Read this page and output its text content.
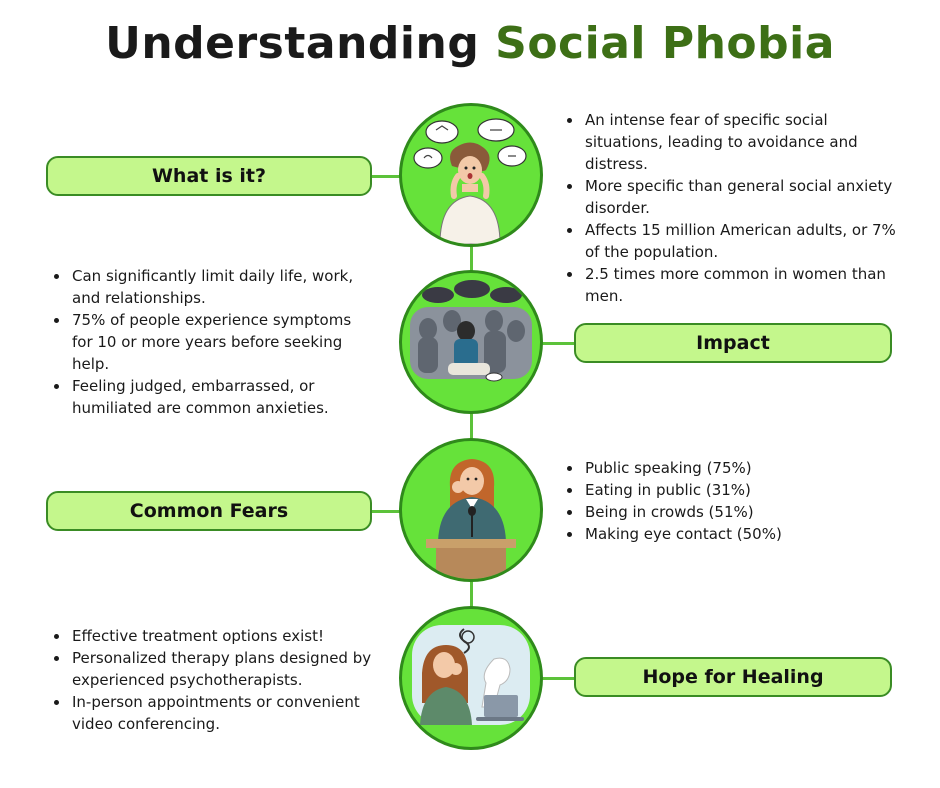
Understanding Social Phobia
What is it?
Impact
Common Fears
Hope for Healing
An intense fear of specific social situations, leading to avoidance and distress.
More specific than general social anxiety disorder.
Affects 15 million American adults, or 7% of the population.
2.5 times more common in women than men.
Can significantly limit daily life, work, and relationships.
75% of people experience symptoms for 10 or more years before seeking help.
Feeling judged, embarrassed, or humiliated are common anxieties.
Public speaking (75%)
Eating in public (31%)
Being in crowds (51%)
Making eye contact (50%)
Effective treatment options exist!
Personalized therapy plans designed by experienced psychotherapists.
In-person appointments or convenient video conferencing.
